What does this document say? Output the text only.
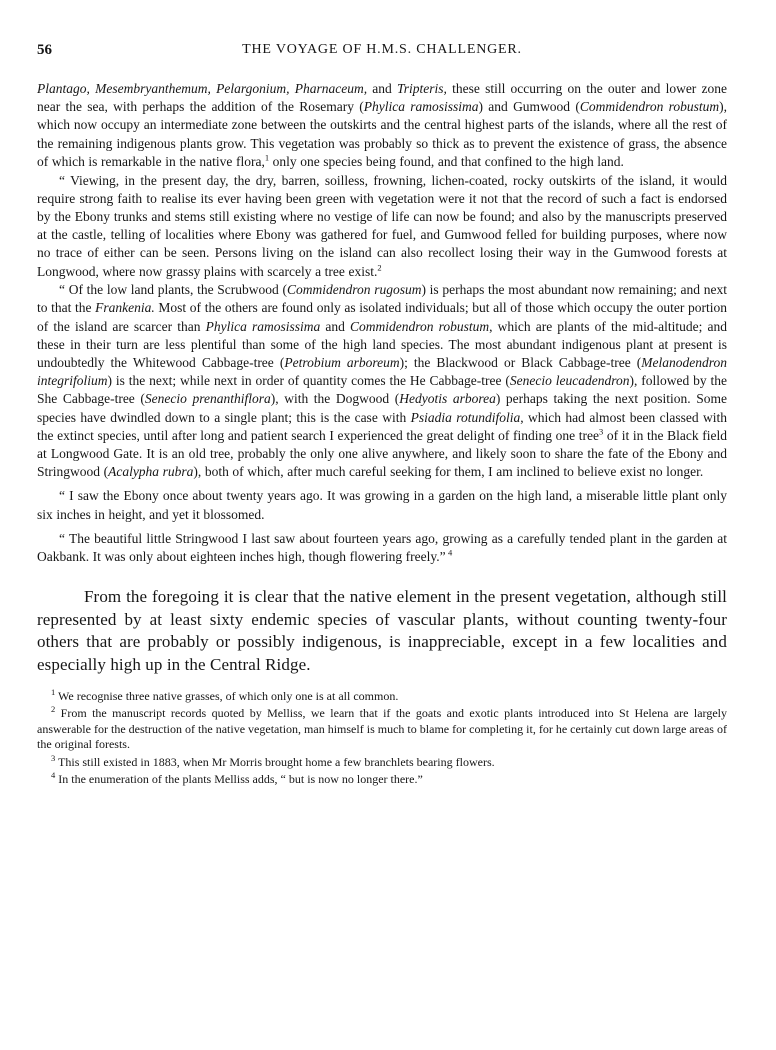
56	THE VOYAGE OF H.M.S. CHALLENGER.

Plantago, Mesembryanthemum, Pelargonium, Pharnaceum, and Tripteris, these still occurring on the outer and lower zone near the sea, with perhaps the addition of the Rosemary (Phylica ramosissima) and Gumwood (Commidendron robustum), which now occupy an intermediate zone between the outskirts and the central highest parts of the islands, where all the rest of the remaining indigenous plants grow. This vegetation was probably so thick as to prevent the existence of grass, the absence of which is remarkable in the native flora,$^1$ only one species being found, and that confined to the high land.

“ Viewing, in the present day, the dry, barren, soilless, frowning, lichen-coated, rocky outskirts of the island, it would require strong faith to realise its ever having been green with vegetation were it not that the record of such a fact is endorsed by the Ebony trunks and stems still existing where no vestige of life can now be found; and also by the manuscripts preserved at the castle, telling of localities where Ebony was gathered for fuel, and Gumwood felled for building purposes, where now no trace of either can be seen. Persons living on the island can also recollect losing their way in the Gumwood forests at Longwood, where now grassy plains with scarcely a tree exist.$^2$

“ Of the low land plants, the Scrubwood (Commidendron rugosum) is perhaps the most abundant now remaining; and next to that the Frankenia. Most of the others are found only as isolated individuals; but all of those which occupy the outer portion of the island are scarcer than Phylica ramosissima and Commidendron robustum, which are plants of the mid-altitude; and these in their turn are less plentiful than some of the high land species. The most abundant indigenous plant at present is undoubtedly the Whitewood Cabbage-tree (Petrobium arboreum); the Blackwood or Black Cabbage-tree (Melanodendron integrifolium) is the next; while next in order of quantity comes the He Cabbage-tree (Senecio leucadendron), followed by the She Cabbage-tree (Senecio prenanthiflora), with the Dogwood (Hedyotis arborea) perhaps taking the next position. Some species have dwindled down to a single plant; this is the case with Psiadia rotundifolia, which had almost been classed with the extinct species, until after long and patient search I experienced the great delight of finding one tree$^3$ of it in the Black field at Longwood Gate. It is an old tree, probably the only one alive anywhere, and likely soon to share the fate of the Ebony and Stringwood (Acalypha rubra), both of which, after much careful seeking for them, I am inclined to believe exist no longer.

“ I saw the Ebony once about twenty years ago. It was growing in a garden on the high land, a miserable little plant only six inches in height, and yet it blossomed.

“ The beautiful little Stringwood I last saw about fourteen years ago, growing as a carefully tended plant in the garden at Oakbank. It was only about eighteen inches high, though flowering freely.” $^4$

From the foregoing it is clear that the native element in the present vegetation, although still represented by at least sixty endemic species of vascular plants, without counting twenty-four others that are probably or possibly indigenous, is inappreciable, except in a few localities and especially high up in the Central Ridge.

$^1$ We recognise three native grasses, of which only one is at all common.

$^2$ From the manuscript records quoted by Melliss, we learn that if the goats and exotic plants introduced into St Helena are largely answerable for the destruction of the native vegetation, man himself is much to blame for completing it, for he certainly cut down large areas of the original forests.

$^3$ This still existed in 1883, when Mr Morris brought home a few branchlets bearing flowers.

$^4$ In the enumeration of the plants Melliss adds, “ but is now no longer there.”
